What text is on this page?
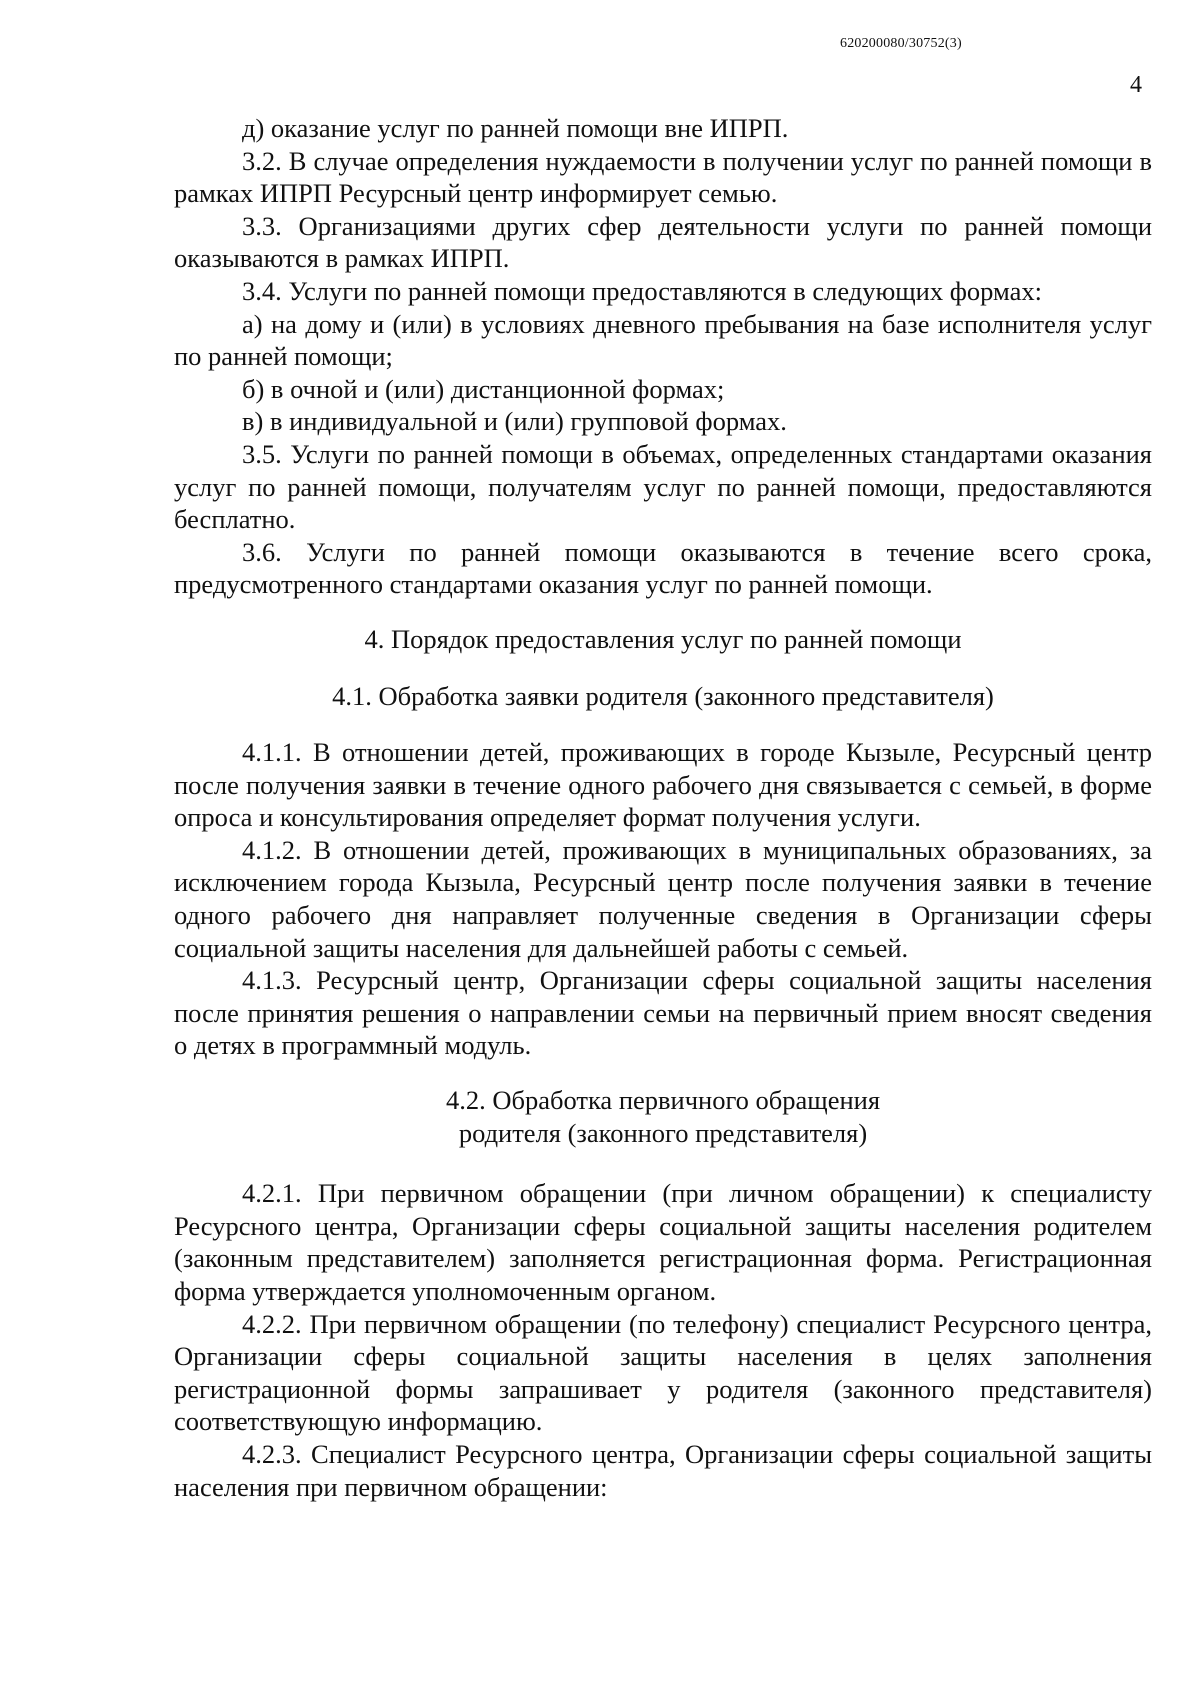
620200080/30752(3)
4

д) оказание услуг по ранней помощи вне ИПРП.

3.2. В случае определения нуждаемости в получении услуг по ранней помощи в рамках ИПРП Ресурсный центр информирует семью.

3.3. Организациями других сфер деятельности услуги по ранней помощи оказываются в рамках ИПРП.

3.4. Услуги по ранней помощи предоставляются в следующих формах:

а) на дому и (или) в условиях дневного пребывания на базе исполнителя услуг по ранней помощи;

б) в очной и (или) дистанционной формах;

в) в индивидуальной и (или) групповой формах.

3.5. Услуги по ранней помощи в объемах, определенных стандартами оказания услуг по ранней помощи, получателям услуг по ранней помощи, предоставляются бесплатно.

3.6. Услуги по ранней помощи оказываются в течение всего срока, предусмотренного стандартами оказания услуг по ранней помощи.

4. Порядок предоставления услуг по ранней помощи
4.1. Обработка заявки родителя (законного представителя)

4.1.1. В отношении детей, проживающих в городе Кызыле, Ресурсный центр после получения заявки в течение одного рабочего дня связывается с семьей, в форме опроса и консультирования определяет формат получения услуги.

4.1.2. В отношении детей, проживающих в муниципальных образованиях, за исключением города Кызыла, Ресурсный центр после получения заявки в течение одного рабочего дня направляет полученные сведения в Организации сферы социальной защиты населения для дальнейшей работы с семьей.

4.1.3. Ресурсный центр, Организации сферы социальной защиты населения после принятия решения о направлении семьи на первичный прием вносят сведения о детях в программный модуль.

4.2. Обработка первичного обращения
родителя (законного представителя)

4.2.1. При первичном обращении (при личном обращении) к специалисту Ресурсного центра, Организации сферы социальной защиты населения родителем (законным представителем) заполняется регистрационная форма. Регистрационная форма утверждается уполномоченным органом.

4.2.2. При первичном обращении (по телефону) специалист Ресурсного центра, Организации сферы социальной защиты населения в целях заполнения регистрационной формы запрашивает у родителя (законного представителя) соответствующую информацию.

4.2.3. Специалист Ресурсного центра, Организации сферы социальной защиты населения при первичном обращении:
